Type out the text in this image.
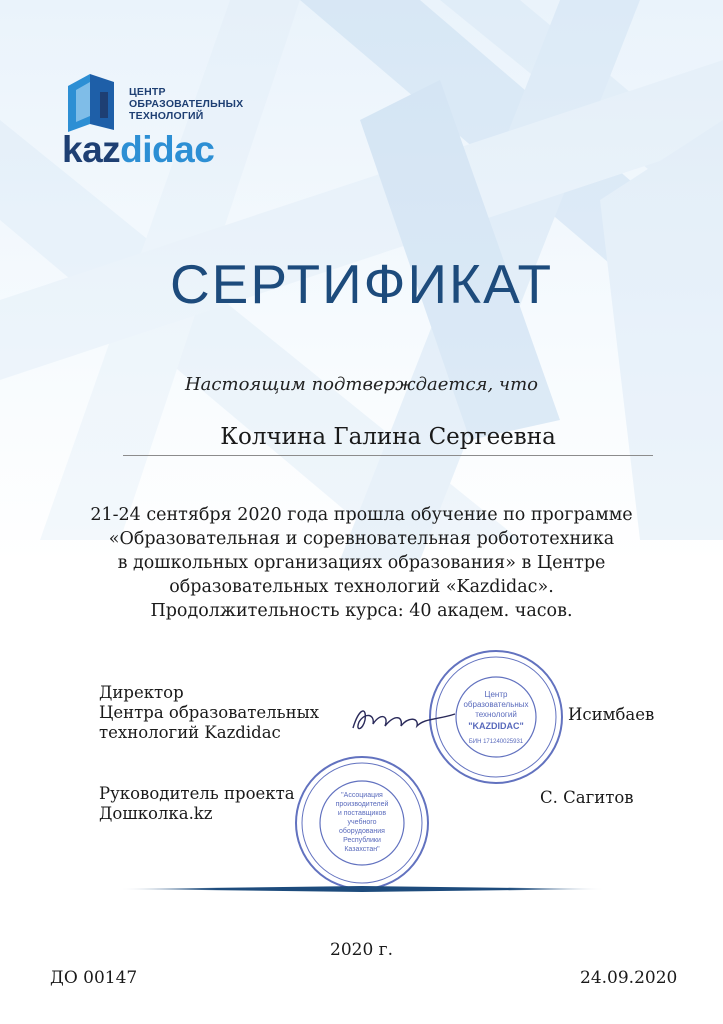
ЦЕНТР
ОБРАЗОВАТЕЛЬНЫХ
ТЕХНОЛОГИЙ
kazdidac
СЕРТИФИКАТ
Настоящим подтверждается, что
Колчина Галина Сергеевна
21-24 сентября 2020 года прошла обучение по программе
«Образовательная и соревновательная робототехника
в дошкольных организациях образования» в Центре
образовательных технологий «Kazdidac».
Продолжительность курса: 40 академ. часов.
Центр
образовательных
технологий
"KAZDIDAC"
БИН 171240025931
"Ассоциация
производителей
и поставщиков
учебного
оборудования
Республики
Казахстан"
Директор
Центра образовательных
технологий Kazdidac
Исимбаев
Руководитель проекта
Дошколка.kz
С. Сагитов
2020 г.
ДО 00147	24.09.2020
